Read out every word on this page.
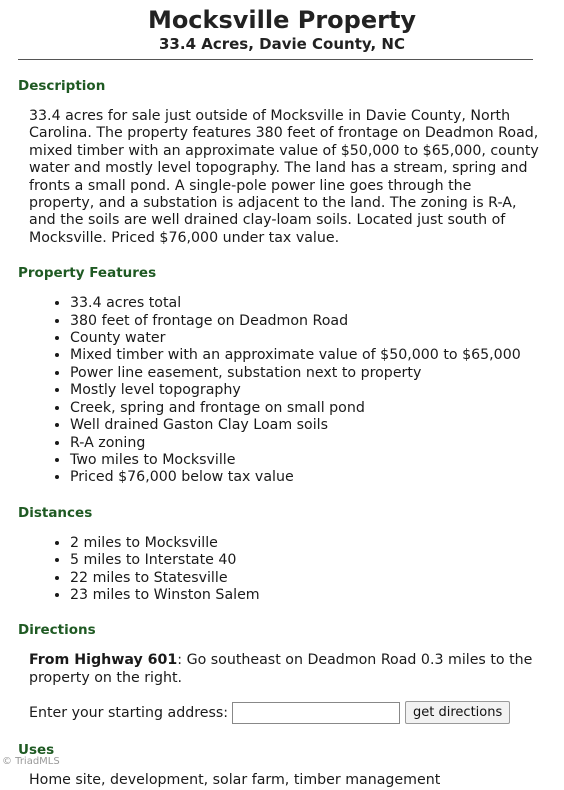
Mocksville Property
33.4 Acres, Davie County, NC
Description
33.4 acres for sale just outside of Mocksville in Davie County, North Carolina. The property features 380 feet of frontage on Deadmon Road, mixed timber with an approximate value of $50,000 to $65,000, county water and mostly level topography. The land has a stream, spring and fronts a small pond. A single-pole power line goes through the property, and a substation is adjacent to the land. The zoning is R-A, and the soils are well drained clay-loam soils. Located just south of Mocksville. Priced $76,000 under tax value.
Property Features
• 33.4 acres total
• 380 feet of frontage on Deadmon Road
• County water
• Mixed timber with an approximate value of $50,000 to $65,000
• Power line easement, substation next to property
• Mostly level topography
• Creek, spring and frontage on small pond
• Well drained Gaston Clay Loam soils
• R-A zoning
• Two miles to Mocksville
• Priced $76,000 below tax value
Distances
• 2 miles to Mocksville
• 5 miles to Interstate 40
• 22 miles to Statesville
• 23 miles to Winston Salem
Directions
From Highway 601: Go southeast on Deadmon Road 0.3 miles to the property on the right.
Enter your starting address:	get directions
Uses
Home site, development, solar farm, timber management
© TriadMLS
